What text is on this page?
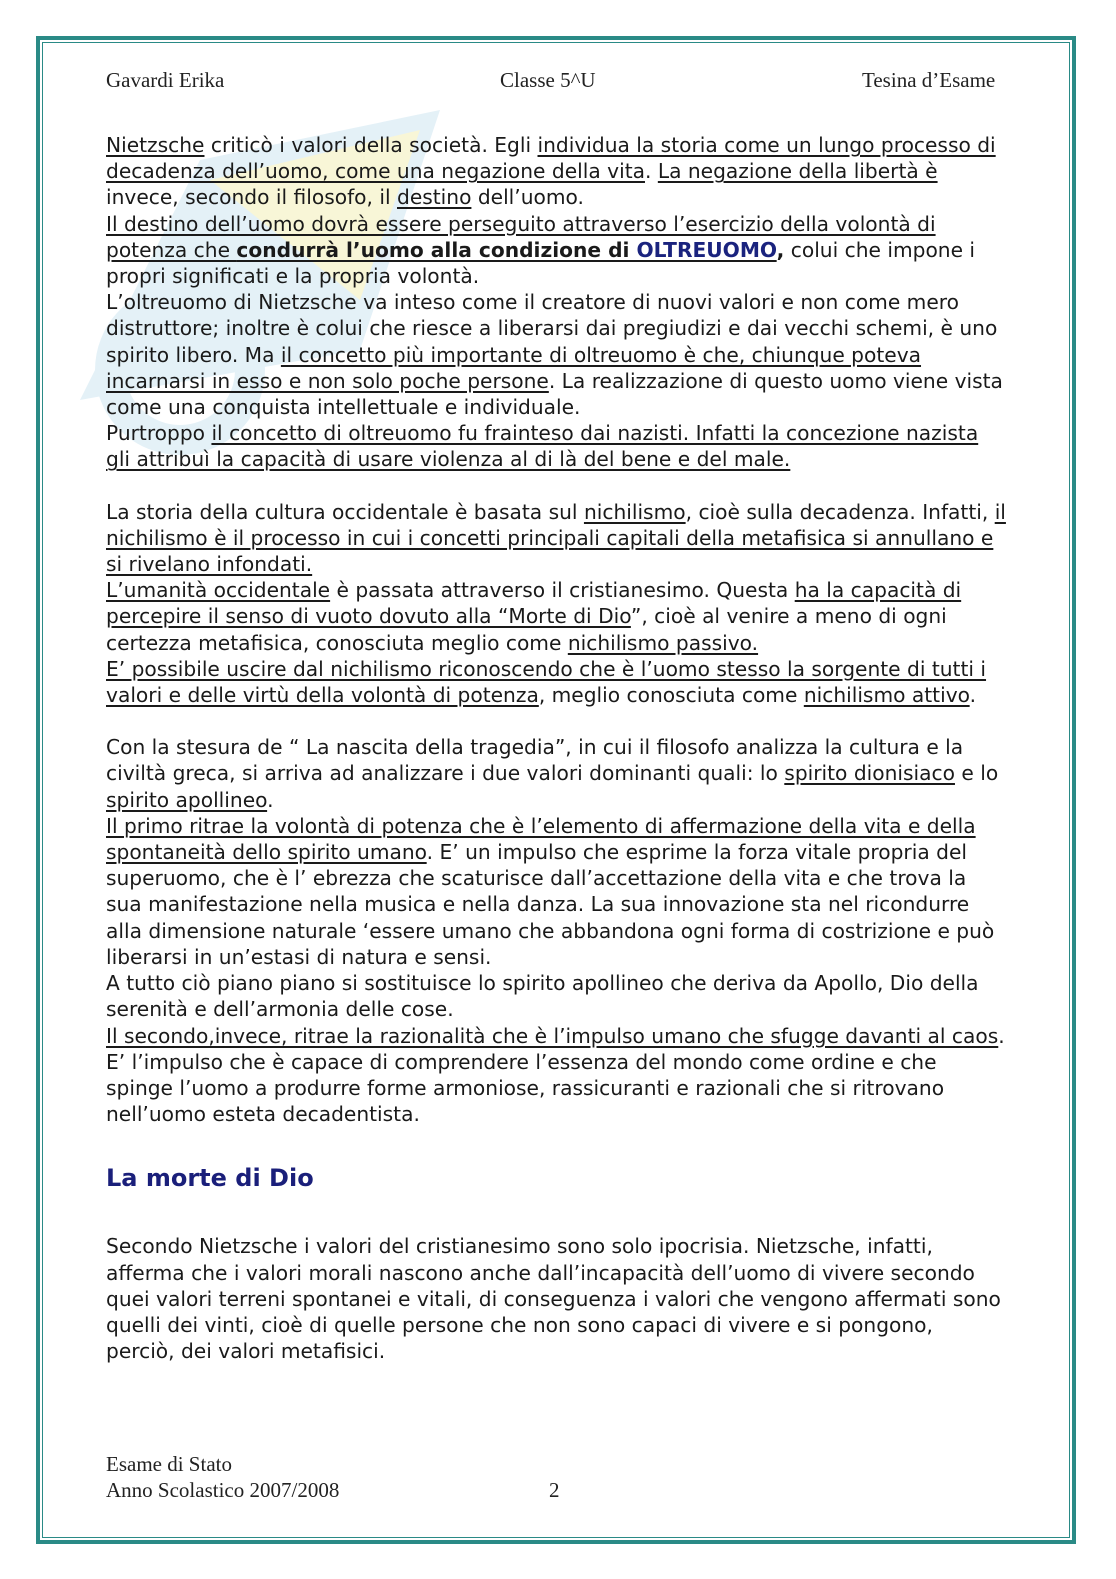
Gavardi Erika	Classe 5^U	Tesina d’Esame

Nietzsche criticò i valori della società. Egli individua la storia come un lungo processo di decadenza dell’uomo, come una negazione della vita. La negazione della libertà è invece, secondo il filosofo, il destino dell’uomo.
Il destino dell’uomo dovrà essere perseguito attraverso l’esercizio della volontà di potenza che condurrà l’uomo alla condizione di OLTREUOMO, colui che impone i propri significati e la propria volontà.
L’oltreuomo di Nietzsche va inteso come il creatore di nuovi valori e non come mero distruttore; inoltre è colui che riesce a liberarsi dai pregiudizi e dai vecchi schemi, è uno spirito libero. Ma il concetto più importante di oltreuomo è che, chiunque poteva incarnarsi in esso e non solo poche persone. La realizzazione di questo uomo viene vista come una conquista intellettuale e individuale.
Purtroppo il concetto di oltreuomo fu frainteso dai nazisti. Infatti la concezione nazista gli attribuì la capacità di usare violenza al di là del bene e del male.

La storia della cultura occidentale è basata sul nichilismo, cioè sulla decadenza. Infatti, il nichilismo è il processo in cui i concetti principali capitali della metafisica si annullano e si rivelano infondati.
L’umanità occidentale è passata attraverso il cristianesimo. Questa ha la capacità di percepire il senso di vuoto dovuto alla “Morte di Dio”, cioè al venire a meno di ogni certezza metafisica, conosciuta meglio come nichilismo passivo.
E’ possibile uscire dal nichilismo riconoscendo che è l’uomo stesso la sorgente di tutti i valori e delle virtù della volontà di potenza, meglio conosciuta come nichilismo attivo.

Con la stesura de “ La nascita della tragedia”, in cui il filosofo analizza la cultura e la civiltà greca, si arriva ad analizzare i due valori dominanti quali: lo spirito dionisiaco e lo spirito apollineo.
Il primo ritrae la volontà di potenza che è l’elemento di affermazione della vita e della spontaneità dello spirito umano. E’ un impulso che esprime la forza vitale propria del superuomo, che è l’ ebrezza che scaturisce dall’accettazione della vita e che trova la sua manifestazione nella musica e nella danza. La sua innovazione sta nel ricondurre alla dimensione naturale ‘essere umano che abbandona ogni forma di costrizione e può liberarsi in un’estasi di natura e sensi.
A tutto ciò piano piano si sostituisce lo spirito apollineo che deriva da Apollo, Dio della serenità e dell’armonia delle cose.
Il secondo,invece, ritrae la razionalità che è l’impulso umano che sfugge davanti al caos. E’ l’impulso che è capace di comprendere l’essenza del mondo come ordine e che spinge l’uomo a produrre forme armoniose, rassicuranti e razionali che si ritrovano nell’uomo esteta decadentista.

La morte di Dio

Secondo Nietzsche i valori del cristianesimo sono solo ipocrisia. Nietzsche, infatti, afferma che i valori morali nascono anche dall’incapacità dell’uomo di vivere secondo quei valori terreni spontanei e vitali, di conseguenza i valori che vengono affermati sono quelli dei vinti, cioè di quelle persone che non sono capaci di vivere e si pongono, perciò, dei valori metafisici.

Esame di Stato
Anno Scolastico 2007/2008	2
